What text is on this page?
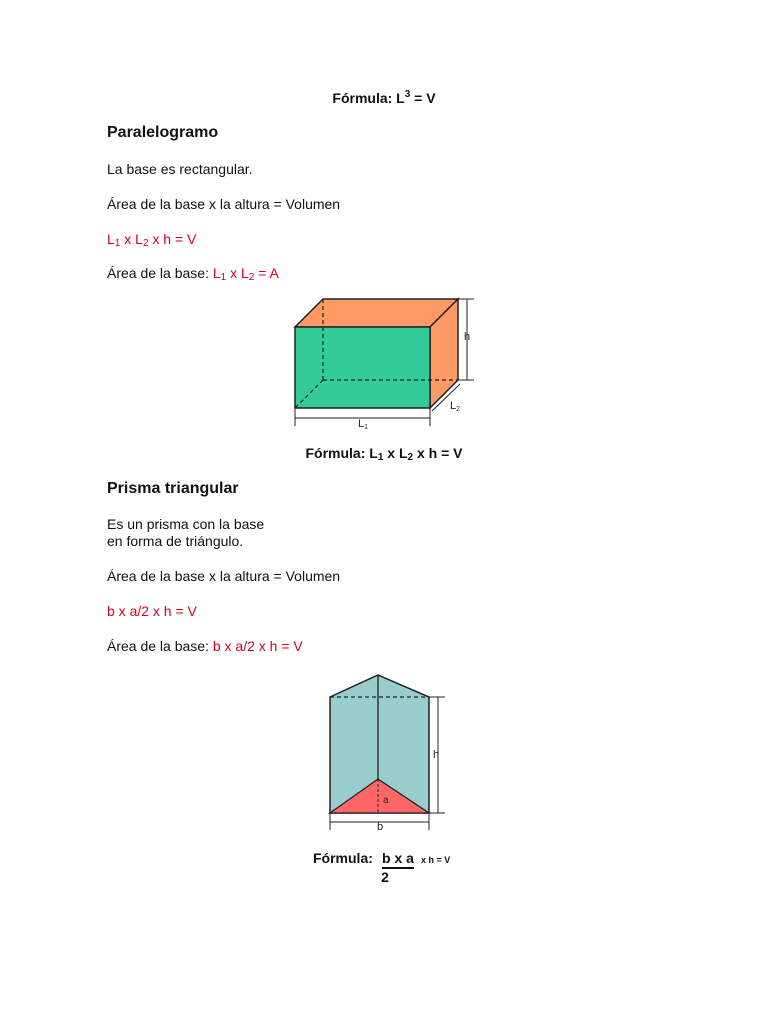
Fórmula: $L^3 = V$
Paralelogramo
La base es rectangular.
Área de la base x la altura = Volumen
$L_1$ x $L_2$ x h = V
Área de la base: $L_1$ x $L_2 = A$
L1
h
L2
Fórmula: $L_1$ x $L_2$ x h = V
Prisma triangular
Es un prisma con la base
en forma de triángulo.
Área de la base x la altura = Volumen
b x a/2 x h = V
Área de la base: b x a/2 x h = V
a
h
b
Fórmula: b x a x h = V
2
